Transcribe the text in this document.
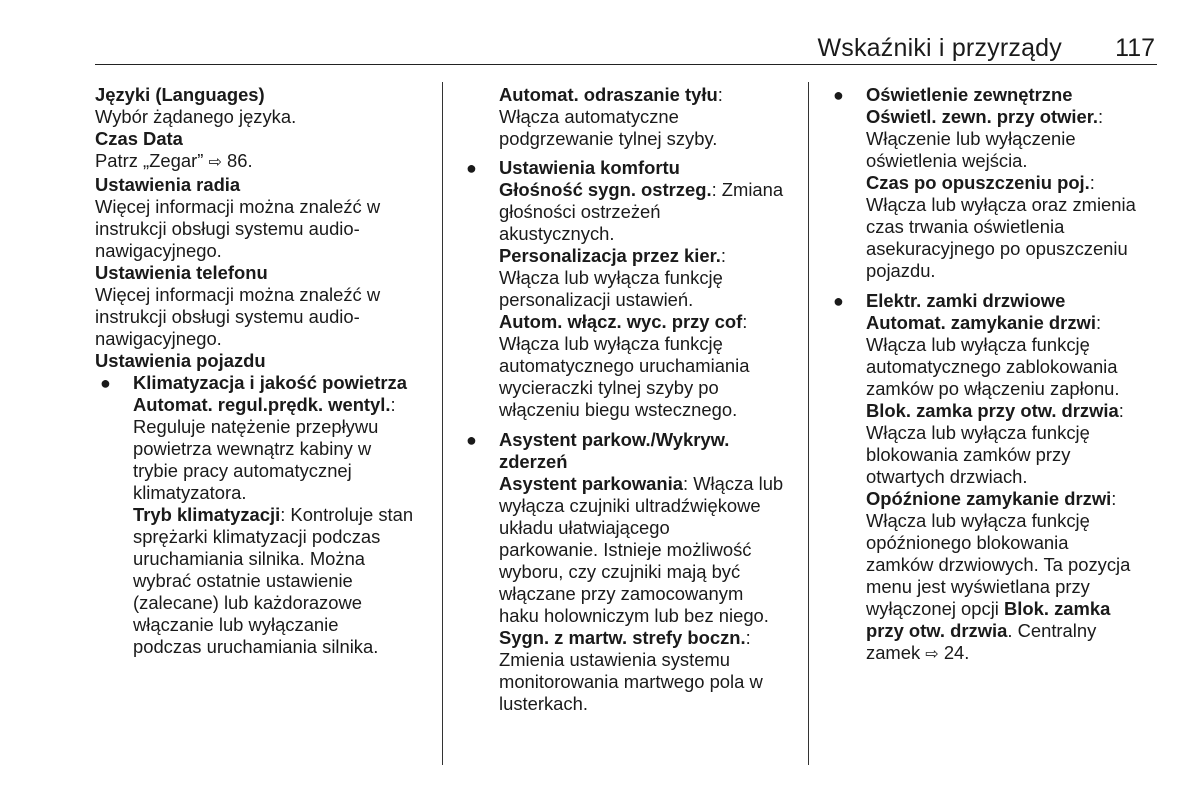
Wskaźniki i przyrządy 117

Języki (Languages)

Wybór żądanego języka.

Czas Data

Patrz „Zegar” ⇨ 86.

Ustawienia radia

Więcej informacji można znaleźć w

instrukcji obsługi systemu audio-

nawigacyjnego.

Ustawienia telefonu

Więcej informacji można znaleźć w

instrukcji obsługi systemu audio-

nawigacyjnego.

Ustawienia pojazdu

● Klimatyzacja i jakość powietrza

Automat. regul.prędk. wentyl.:

Reguluje natężenie przepływu

powietrza wewnątrz kabiny w

trybie pracy automatycznej

klimatyzatora.

Tryb klimatyzacji: Kontroluje stan

sprężarki klimatyzacji podczas

uruchamiania silnika. Można

wybrać ostatnie ustawienie

(zalecane) lub każdorazowe

włączanie lub wyłączanie

podczas uruchamiania silnika.

Automat. odraszanie tyłu:

Włącza automatyczne

podgrzewanie tylnej szyby.

● Ustawienia komfortu

Głośność sygn. ostrzeg.: Zmiana

głośności ostrzeżeń

akustycznych.

Personalizacja przez kier.:

Włącza lub wyłącza funkcję

personalizacji ustawień.

Autom. włącz. wyc. przy cof:

Włącza lub wyłącza funkcję

automatycznego uruchamiania

wycieraczki tylnej szyby po

włączeniu biegu wstecznego.

● Asystent parkow./Wykryw.

zderzeń

Asystent parkowania: Włącza lub

wyłącza czujniki ultradźwiękowe

układu ułatwiającego

parkowanie. Istnieje możliwość

wyboru, czy czujniki mają być

włączane przy zamocowanym

haku holowniczym lub bez niego.

Sygn. z martw. strefy boczn.:

Zmienia ustawienia systemu

monitorowania martwego pola w

lusterkach.

● Oświetlenie zewnętrzne

Oświetl. zewn. przy otwier.:

Włączenie lub wyłączenie

oświetlenia wejścia.

Czas po opuszczeniu poj.:

Włącza lub wyłącza oraz zmienia

czas trwania oświetlenia

asekuracyjnego po opuszczeniu

pojazdu.

● Elektr. zamki drzwiowe

Automat. zamykanie drzwi:

Włącza lub wyłącza funkcję

automatycznego zablokowania

zamków po włączeniu zapłonu.

Blok. zamka przy otw. drzwia:

Włącza lub wyłącza funkcję

blokowania zamków przy

otwartych drzwiach.

Opóźnione zamykanie drzwi:

Włącza lub wyłącza funkcję

opóźnionego blokowania

zamków drzwiowych. Ta pozycja

menu jest wyświetlana przy

wyłączonej opcji Blok. zamka

przy otw. drzwia. Centralny

zamek ⇨ 24.
